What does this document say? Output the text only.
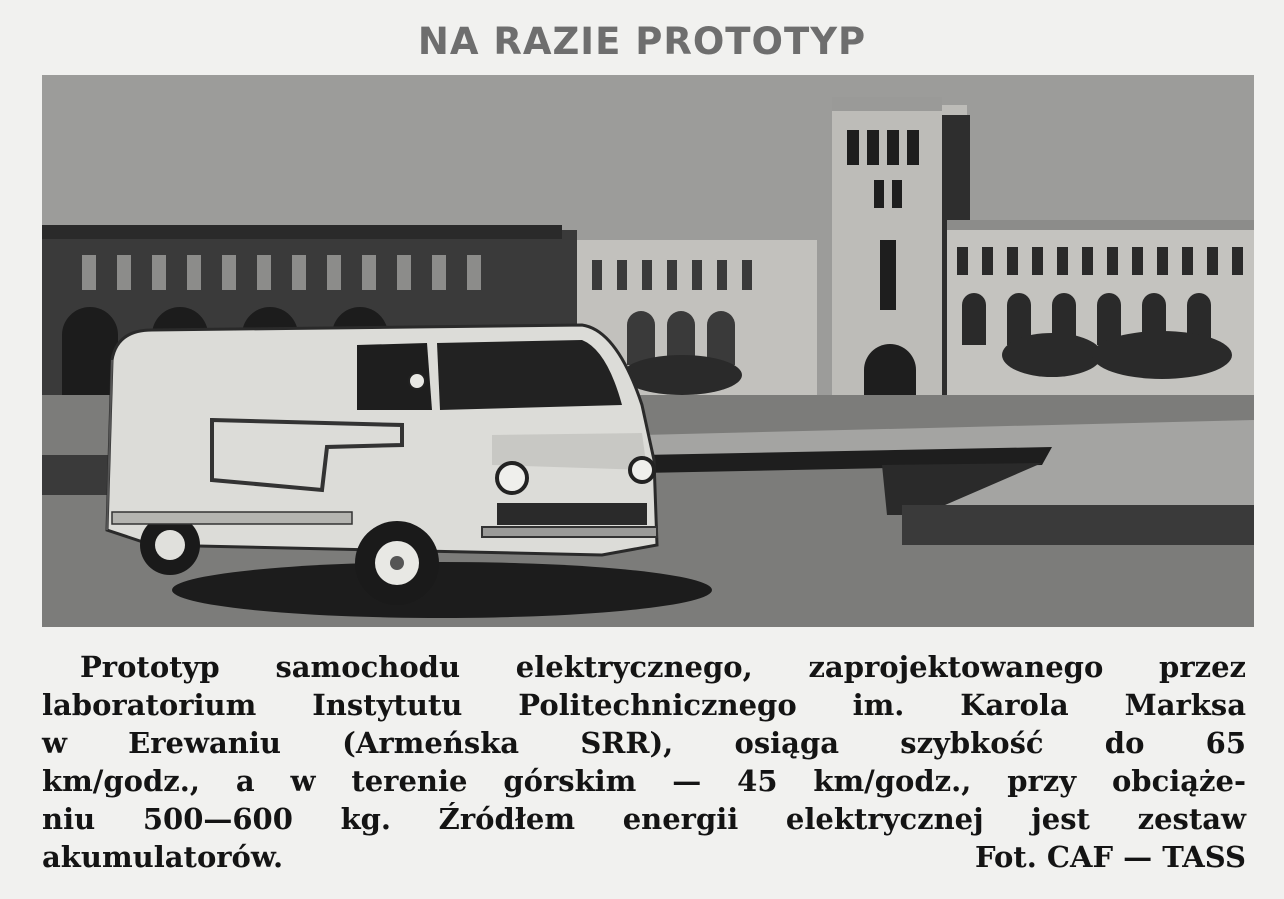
NA RAZIE PROTOTYP
Prototyp samochodu elektrycznego, zaprojektowanego przez
laboratorium Instytutu Politechnicznego im. Karola Marksa
w Erewaniu (Armeńska SRR), osiąga szybkość do 65
km/godz., a w terenie górskim — 45 km/godz., przy obciąże-
niu 500—600 kg. Źródłem energii elektrycznej jest zestaw
akumulatorów.	Fot. CAF — TASS
